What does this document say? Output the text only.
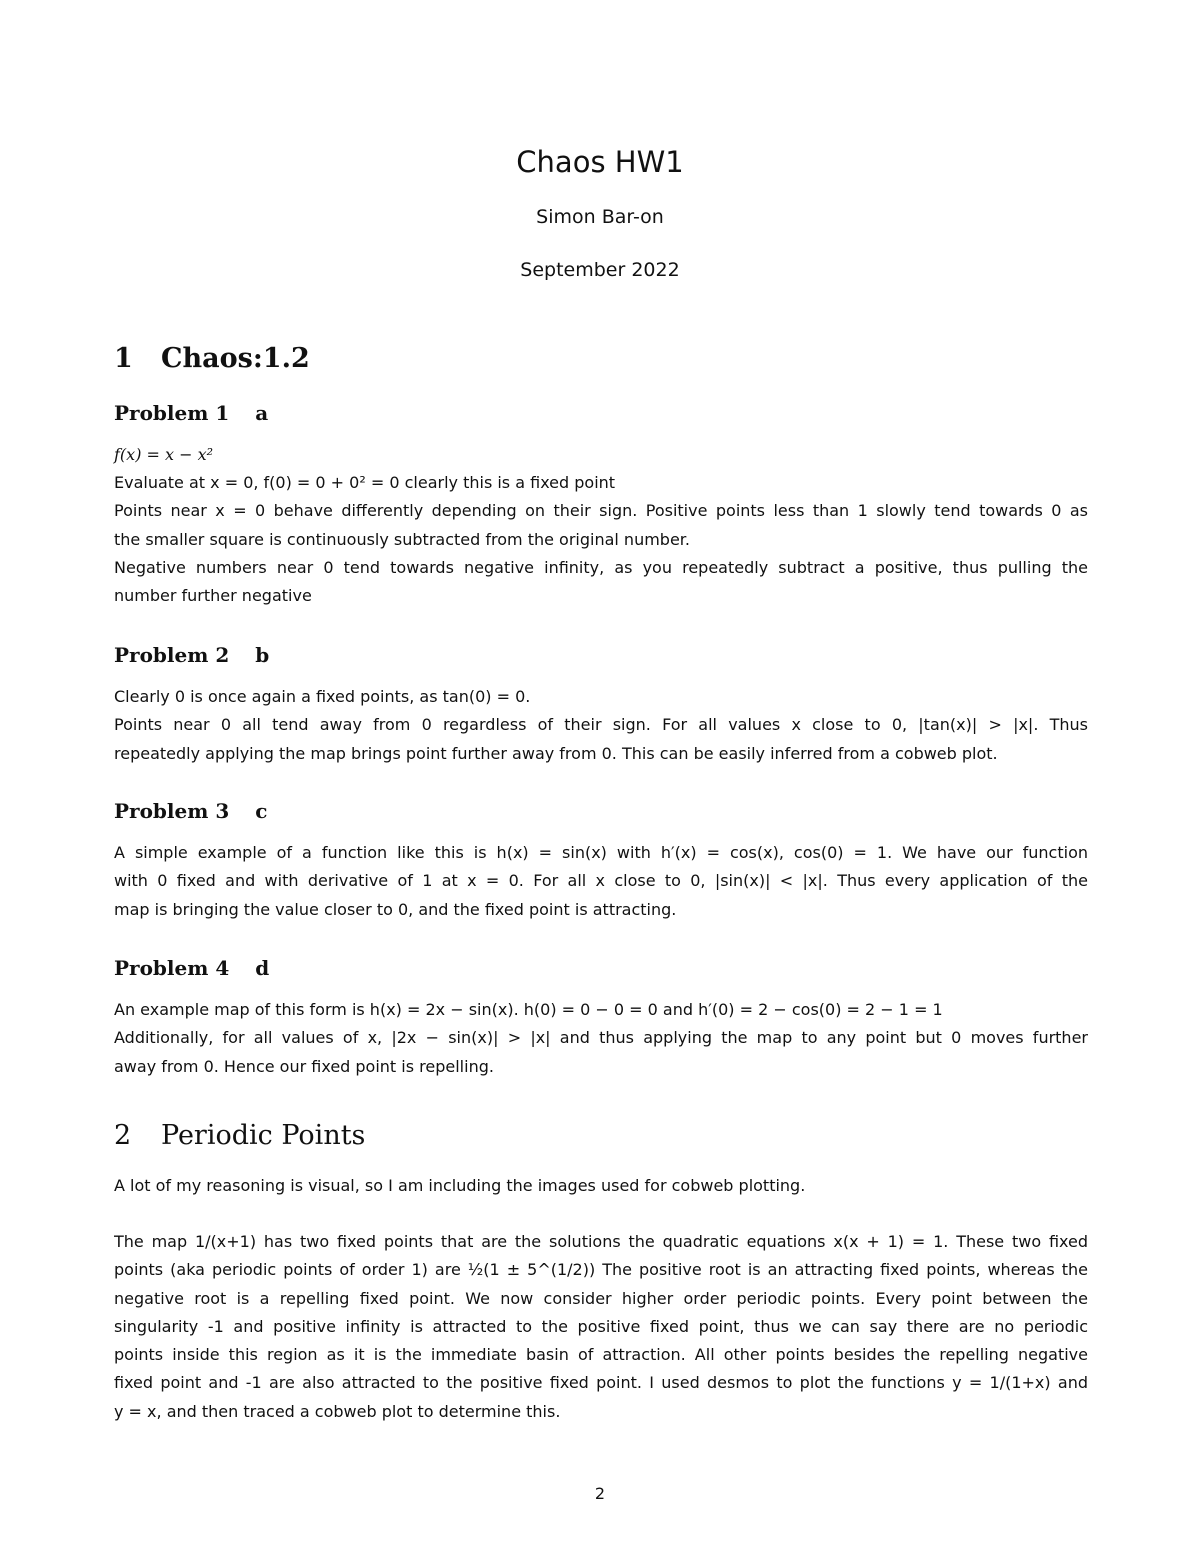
Chaos HW1
Simon Bar-on
September 2022
1 Chaos:1.2
Problem 1 a
f(x) = x − x²
Evaluate at x = 0, f(0) = 0 + 0² = 0 clearly this is a fixed point
Points near x = 0 behave differently depending on their sign. Positive points less than 1 slowly tend towards 0 as
the smaller square is continuously subtracted from the original number.
Negative numbers near 0 tend towards negative infinity, as you repeatedly subtract a positive, thus pulling the
number further negative
Problem 2 b
Clearly 0 is once again a fixed points, as tan(0) = 0.
Points near 0 all tend away from 0 regardless of their sign. For all values x close to 0, |tan(x)| > |x|. Thus
repeatedly applying the map brings point further away from 0. This can be easily inferred from a cobweb plot.
Problem 3 c
A simple example of a function like this is h(x) = sin(x) with h′(x) = cos(x), cos(0) = 1. We have our function
with 0 fixed and with derivative of 1 at x = 0. For all x close to 0, |sin(x)| < |x|. Thus every application of the
map is bringing the value closer to 0, and the fixed point is attracting.
Problem 4 d
An example map of this form is h(x) = 2x − sin(x). h(0) = 0 − 0 = 0 and h′(0) = 2 − cos(0) = 2 − 1 = 1
Additionally, for all values of x, |2x − sin(x)| > |x| and thus applying the map to any point but 0 moves further
away from 0. Hence our fixed point is repelling.
2 Periodic Points
A lot of my reasoning is visual, so I am including the images used for cobweb plotting.
The map 1/(x+1) has two fixed points that are the solutions the quadratic equations x(x + 1) = 1. These two fixed
points (aka periodic points of order 1) are ½(1 ± 5^(1/2)) The positive root is an attracting fixed points, whereas the
negative root is a repelling fixed point. We now consider higher order periodic points. Every point between the
singularity -1 and positive infinity is attracted to the positive fixed point, thus we can say there are no periodic
points inside this region as it is the immediate basin of attraction. All other points besides the repelling negative
fixed point and -1 are also attracted to the positive fixed point. I used desmos to plot the functions y = 1/(1+x) and
y = x, and then traced a cobweb plot to determine this.
2
